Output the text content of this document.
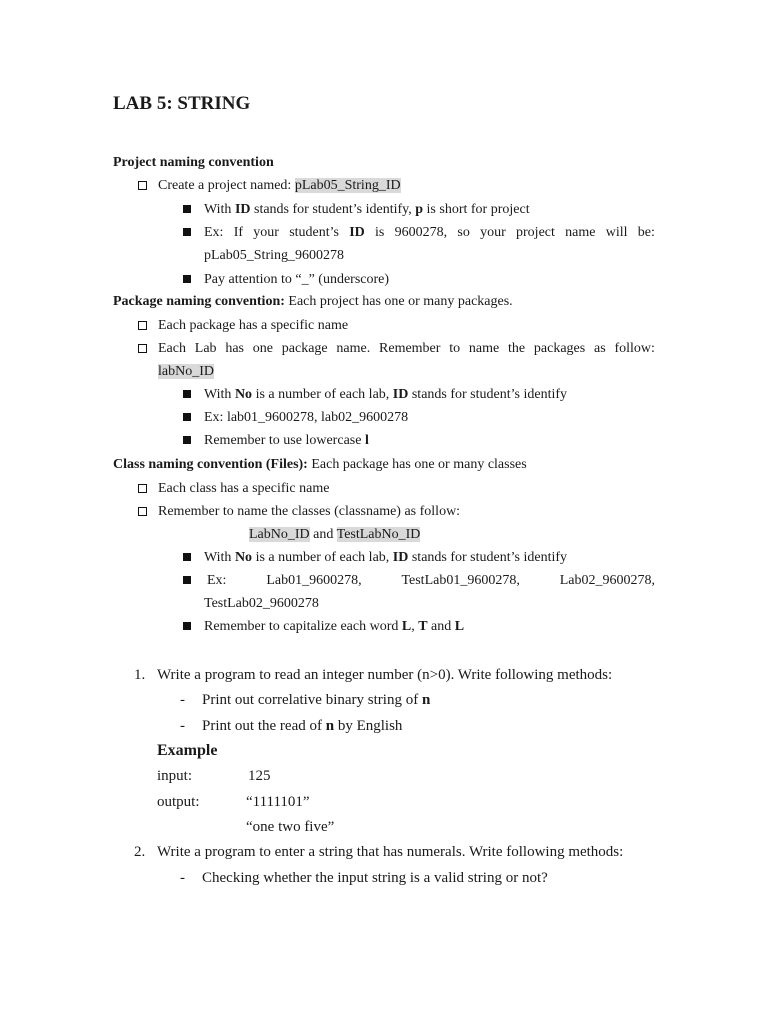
LAB 5: STRING
Project naming convention
Create a project named: pLab05_String_ID
With ID stands for student’s identify, p is short for project
Ex: If your student’s ID is 9600278, so your project name will be:
pLab05_String_9600278
Pay attention to “_” (underscore)
Package naming convention: Each project has one or many packages.
Each package has a specific name
Each Lab has one package name. Remember to name the packages as follow:
labNo_ID
With No is a number of each lab, ID stands for student’s identify
Ex: lab01_9600278, lab02_9600278
Remember to use lowercase l
Class naming convention (Files): Each package has one or many classes
Each class has a specific name
Remember to name the classes (classname) as follow:
LabNo_ID and TestLabNo_ID
With No is a number of each lab, ID stands for student’s identify
Ex:	Lab01_9600278,	TestLab01_9600278,	Lab02_9600278,
TestLab02_9600278
Remember to capitalize each word L, T and L
1. Write a program to read an integer number (n>0). Write following methods:
- Print out correlative binary string of n
- Print out the read of n by English
Example
input:	125
output:	“1111101”
“one two five”
2. Write a program to enter a string that has numerals. Write following methods:
- Checking whether the input string is a valid string or not?
